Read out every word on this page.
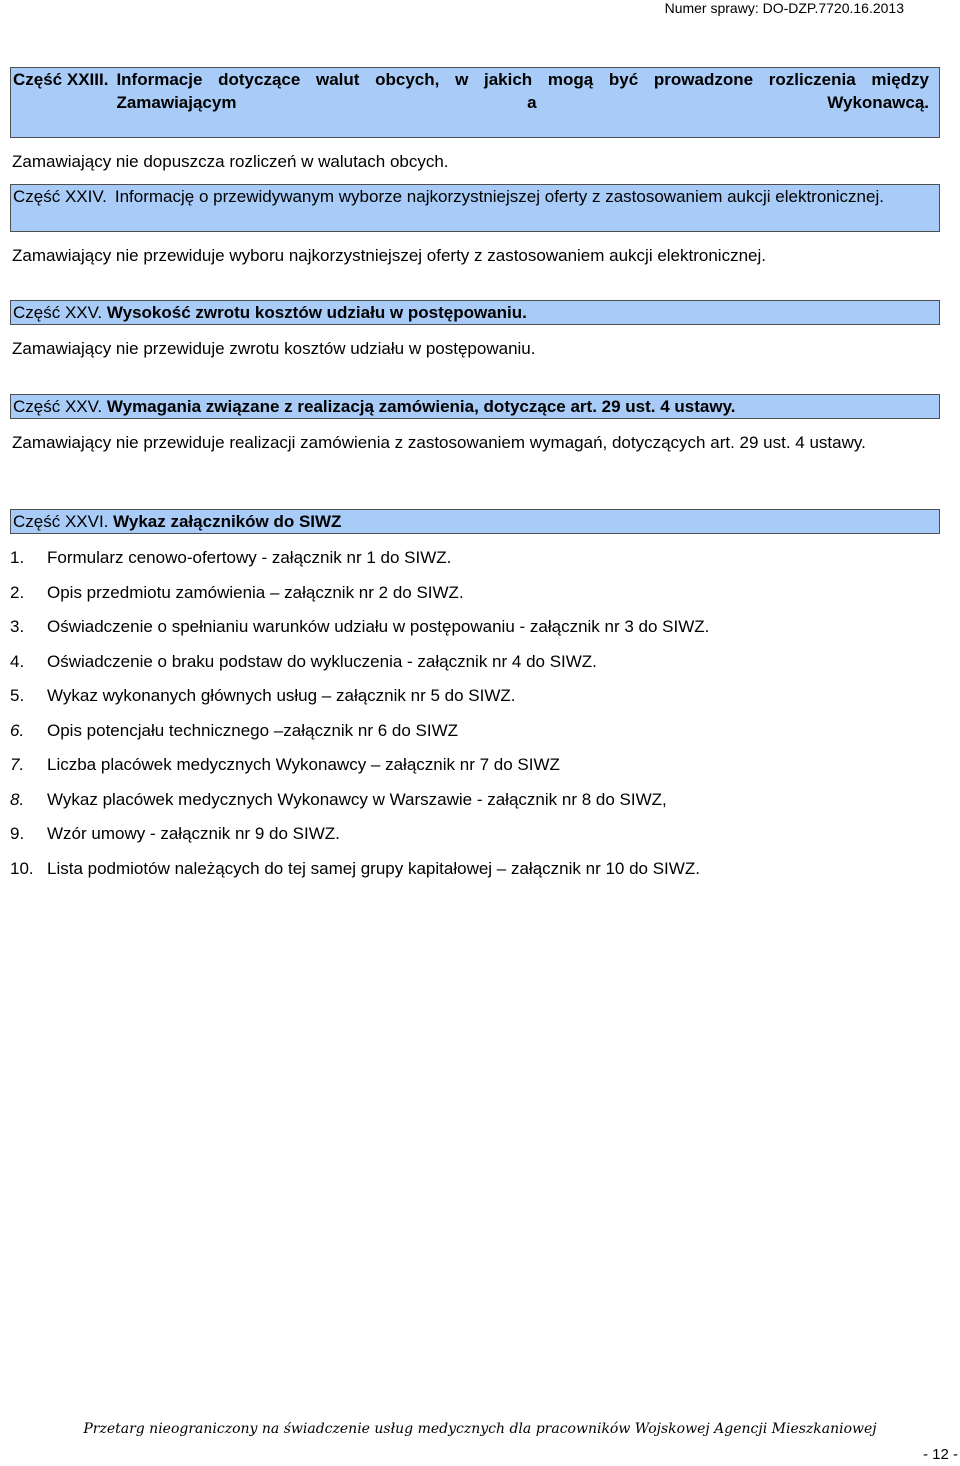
Numer sprawy: DO-DZP.7720.16.2013
Część XXIII. Informacje dotyczące walut obcych, w jakich mogą być prowadzone rozliczenia między Zamawiającym a Wykonawcą.
Zamawiający nie dopuszcza rozliczeń w walutach obcych.
Część XXIV. Informację o przewidywanym wyborze najkorzystniejszej oferty z zastosowaniem aukcji elektronicznej.
Zamawiający nie przewiduje wyboru najkorzystniejszej oferty z zastosowaniem aukcji elektronicznej.
Część XXV. Wysokość zwrotu kosztów udziału w postępowaniu.
Zamawiający nie przewiduje zwrotu kosztów udziału w postępowaniu.
Część XXV. Wymagania związane z realizacją zamówienia, dotyczące art. 29 ust. 4 ustawy.
Zamawiający nie przewiduje realizacji zamówienia z zastosowaniem wymagań, dotyczących art. 29 ust. 4 ustawy.
Część XXVI. Wykaz załączników do SIWZ
1.	Formularz cenowo-ofertowy - załącznik nr 1 do SIWZ.
2.	Opis przedmiotu zamówienia – załącznik nr 2 do SIWZ.
3.	Oświadczenie o spełnianiu warunków udziału w postępowaniu - załącznik nr 3 do SIWZ.
4.	Oświadczenie o braku podstaw do wykluczenia - załącznik nr 4 do SIWZ.
5.	Wykaz wykonanych głównych usług – załącznik nr 5 do SIWZ.
6.	Opis potencjału technicznego –załącznik nr 6 do SIWZ
7.	Liczba placówek medycznych Wykonawcy – załącznik nr 7 do SIWZ
8.	Wykaz placówek medycznych Wykonawcy w Warszawie - załącznik nr 8 do SIWZ,
9.	Wzór umowy - załącznik nr 9 do SIWZ.
10. Lista podmiotów należących do tej samej grupy kapitałowej – załącznik nr 10 do SIWZ.
Przetarg nieograniczony na świadczenie usług medycznych dla pracowników Wojskowej Agencji Mieszkaniowej
- 12 -
